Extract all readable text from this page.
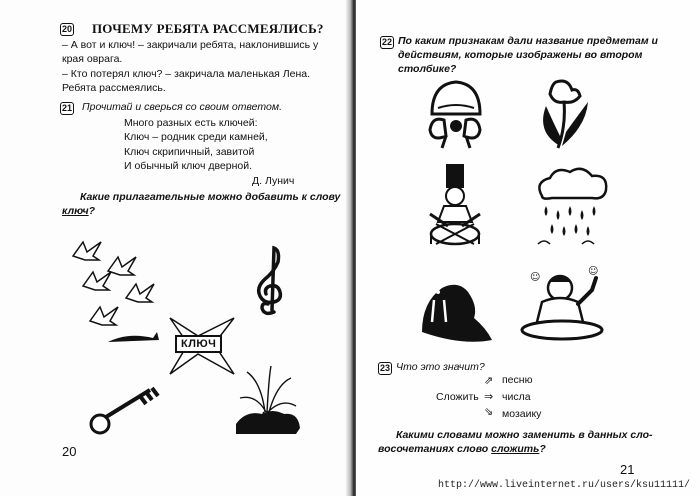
20 ПОЧЕМУ РЕБЯТА РАССМЕЯЛИСЬ?
– А вот и ключ! – закричали ребята, наклонившись у
края оврага.
– Кто потерял ключ? – закричала маленькая Лена.
Ребята рассмеялись.
21 Прочитай и сверься со своим ответом.
Много разных есть ключей:
Ключ – родник среди камней,
Ключ скрипичный, завитой
И обычный ключ дверной.
Д. Лунич
Какие прилагательные можно добавить к слову
ключ?
КЛЮЧ
20
22 По каким признакам дали название предметам и
действиям, которые изображены во втором
столбике?
☺
☺
23 Что это значит?
Сложить
⇗
⇒
⇘
песню
числа
мозаику
Какими словами можно заменить в данных сло-
восочетаниях слово сложить?
21
http://www.liveinternet.ru/users/ksu11111/
